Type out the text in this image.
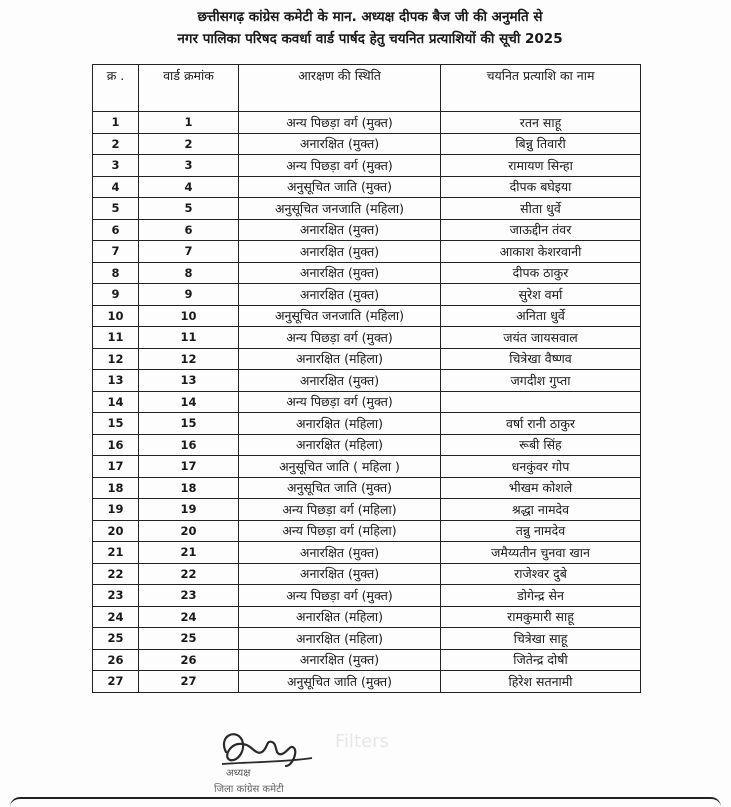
छत्तीसगढ़ कांग्रेस कमेटी के मान. अध्यक्ष दीपक बैज जी की अनुमति से
नगर पालिका परिषद कवर्धा वार्ड पार्षद हेतु चयनित प्रत्याशियों की सूची 2025
क्र .	वार्ड क्रमांक	आरक्षण की स्थिति	चयनित प्रत्याशि का नाम
1	1	अन्य पिछड़ा वर्ग (मुक्त)	रतन साहू
2	2	अनारक्षित (मुक्त)	बिन्नु तिवारी
3	3	अन्य पिछड़ा वर्ग (मुक्त)	रामायण सिन्हा
4	4	अनुसूचित जाति (मुक्त)	दीपक बघेइया
5	5	अनुसूचित जनजाति (महिला)	सीता धुर्वे
6	6	अनारक्षित (मुक्त)	जाऊद्दीन तंवर
7	7	अनारक्षित (मुक्त)	आकाश केशरवानी
8	8	अनारक्षित (मुक्त)	दीपक ठाकुर
9	9	अनारक्षित (मुक्त)	सुरेश वर्मा
10	10	अनुसूचित जनजाति (महिला)	अनिता धुर्वे
11	11	अन्य पिछड़ा वर्ग (मुक्त)	जयंत जायसवाल
12	12	अनारक्षित (महिला)	चित्रेखा वैष्णव
13	13	अनारक्षित (मुक्त)	जगदीश गुप्ता
14	14	अन्य पिछड़ा वर्ग (मुक्त)	
15	15	अनारक्षित (महिला)	वर्षा रानी ठाकुर
16	16	अनारक्षित (महिला)	रूबी सिंह
17	17	अनुसूचित जाति ( महिला )	धनकुंवर गोप
18	18	अनुसूचित जाति (मुक्त)	भीखम कोशले
19	19	अन्य पिछड़ा वर्ग (महिला)	श्रद्धा नामदेव
20	20	अन्य पिछड़ा वर्ग (महिला)	तन्नु नामदेव
21	21	अनारक्षित (मुक्त)	जमैय्यतीन चुनवा खान
22	22	अनारक्षित (मुक्त)	राजेश्वर दुबे
23	23	अन्य पिछड़ा वर्ग (मुक्त)	डोगेन्द्र सेन
24	24	अनारक्षित (महिला)	रामकुमारी साहू
25	25	अनारक्षित (महिला)	चित्रेखा साहू
26	26	अनारक्षित (मुक्त)	जितेन्द्र दोषी
27	27	अनुसूचित जाति (मुक्त)	हिरेश सतनामी
अध्यक्ष
जिला कांग्रेस कमेटी
Filters
